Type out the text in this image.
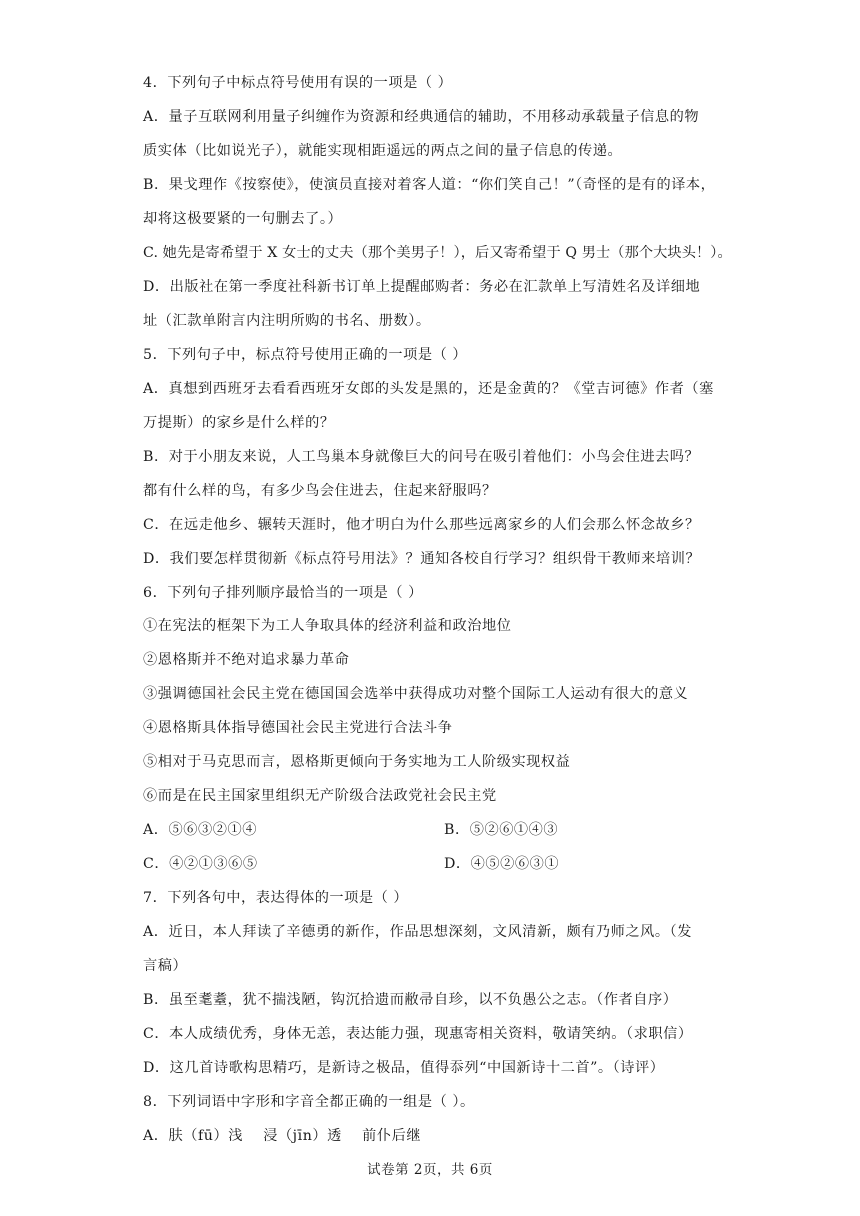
4．下列句子中标点符号使用有误的一项是（ ）
A．量子互联网利用量子纠缠作为资源和经典通信的辅助，不用移动承载量子信息的物
质实体（比如说光子），就能实现相距遥远的两点之间的量子信息的传递。
B．果戈理作《按察使》，使演员直接对着客人道：“你们笑自己！”（奇怪的是有的译本，
却将这极要紧的一句删去了。）
C. 她先是寄希望于 X 女士的丈夫（那个美男子！），后又寄希望于 Q 男士（那个大块头！）。
D．出版社在第一季度社科新书订单上提醒邮购者：务必在汇款单上写清姓名及详细地
址（汇款单附言内注明所购的书名、册数）。
5．下列句子中，标点符号使用正确的一项是（ ）
A．真想到西班牙去看看西班牙女郎的头发是黑的，还是金黄的？《堂吉诃德》作者（塞
万提斯）的家乡是什么样的？
B．对于小朋友来说，人工鸟巢本身就像巨大的问号在吸引着他们：小鸟会住进去吗？
都有什么样的鸟，有多少鸟会住进去，住起来舒服吗？
C．在远走他乡、辗转天涯时，他才明白为什么那些远离家乡的人们会那么怀念故乡？
D．我们要怎样贯彻新《标点符号用法》？通知各校自行学习？组织骨干教师来培训？
6．下列句子排列顺序最恰当的一项是（ ）
①在宪法的框架下为工人争取具体的经济利益和政治地位
②恩格斯并不绝对追求暴力革命
③强调德国社会民主党在德国国会选举中获得成功对整个国际工人运动有很大的意义
④恩格斯具体指导德国社会民主党进行合法斗争
⑤相对于马克思而言，恩格斯更倾向于务实地为工人阶级实现权益
⑥而是在民主国家里组织无产阶级合法政党社会民主党
A．⑤⑥③②①④	B．⑤②⑥①④③
C．④②①③⑥⑤	D．④⑤②⑥③①
7．下列各句中，表达得体的一项是（ ）
A．近日，本人拜读了辛德勇的新作，作品思想深刻，文风清新，颇有乃师之风。（发
言稿）
B．虽至耄耋，犹不揣浅陋，钩沉拾遗而敝帚自珍，以不负愚公之志。（作者自序）
C．本人成绩优秀，身体无恙，表达能力强，现惠寄相关资料，敬请笑纳。（求职信）
D．这几首诗歌构思精巧，是新诗之极品，值得忝列“中国新诗十二首”。（诗评）
8．下列词语中字形和字音全都正确的一组是（ ）。
A．肤（fū）浅    浸（jīn）透    前仆后继
试卷第 2页，共 6页
